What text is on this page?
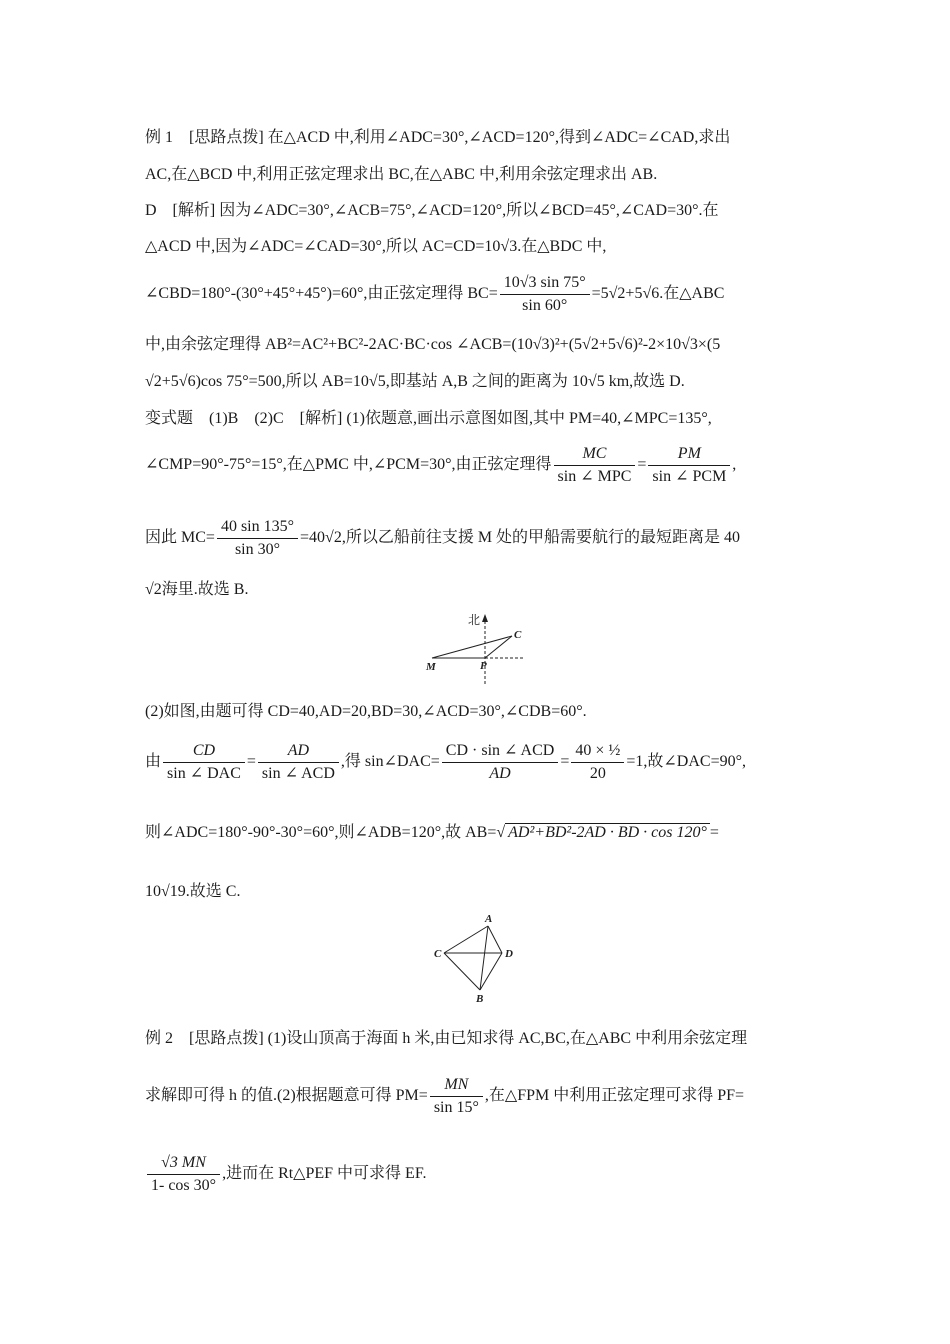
例 1　[思路点拨] 在△ACD 中,利用∠ADC=30°,∠ACD=120°,得到∠ADC=∠CAD,求出
AC,在△BCD 中,利用正弦定理求出 BC,在△ABC 中,利用余弦定理求出 AB.
D　[解析] 因为∠ADC=30°,∠ACB=75°,∠ACD=120°,所以∠BCD=45°,∠CAD=30°.在
△ACD 中,因为∠ADC=∠CAD=30°,所以 AC=CD=10√3.在△BDC 中,
∠CBD=180°-(30°+45°+45°)=60°,由正弦定理得 $BC= \frac{10√3 \sin 75^\circ}{\sin 60^\circ} =5√2+5√6$.在△ABC
中,由余弦定理得 AB²=AC²+BC²-2AC·BC·cos ∠ACB=(10√3)²+(5√2+5√6)²-2×10√3×(5
√2+5√6)cos 75°=500,所以 AB=10√5,即基站 A,B 之间的距离为 10√5 km,故选 D.
变式题　(1)B　(2)C　[解析] (1)依题意,画出示意图如图,其中 PM=40,∠MPC=135°,
∠CMP=90°-75°=15°,在△PMC 中,∠PCM=30°,由正弦定理得 $\frac{MC}{\text{sin ∠ MPC}} = \frac{PM}{\text{sin ∠ PCM}}$ ,
因此 $MC= \frac{40 \sin 135^\circ}{\sin 30^\circ} =40√2$,所以乙船前往支援 M 处的甲船需要航行的最短距离是 40
√2海里.故选 B.
北
M	P
C
(2)如图,由题可得 CD=40,AD=20,BD=30,∠ACD=30°,∠CDB=60°.
由 $\frac{CD}{\text{sin ∠ DAC}} = \frac{AD}{\text{sin ∠ ACD}}$ ,得 sin∠DAC= $\frac{\text{CD · sin ∠ ACD}}{AD} = \frac{\text{40 × ½}}{20} =1$,故∠DAC=90°,
则∠ADC=180°-90°-30°=60°,则∠ADB=120°,故 AB=√ AD²+BD²-2AD · BD · cos 120° =
10√19.故选 C.
A
C	D
B
例 2　[思路点拨] (1)设山顶高于海面 h 米,由已知求得 AC,BC,在△ABC 中利用余弦定理
求解即可得 h 的值.(2)根据题意可得 $PM= \frac{MN}{\sin 15^\circ}$ ,在△FPM 中利用正弦定理可求得 PF=
$\frac{√3 MN}{1- \cos 30^\circ}$ ,进而在 Rt△PEF 中可求得 EF.
